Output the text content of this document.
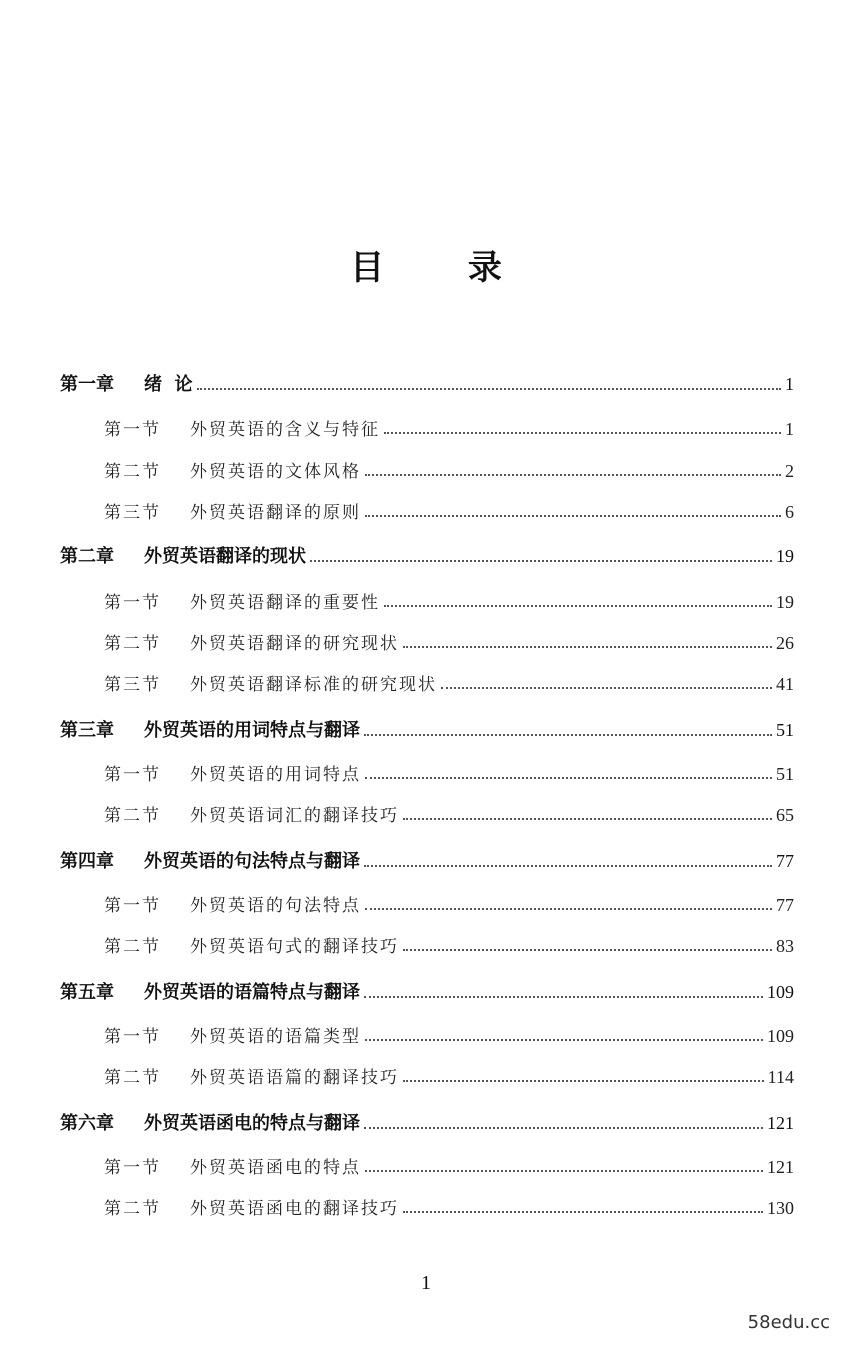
目 录
第一章	绪  论	1
第一节	外贸英语的含义与特征	1
第二节	外贸英语的文体风格	2
第三节	外贸英语翻译的原则	6
第二章	外贸英语翻译的现状	19
第一节	外贸英语翻译的重要性	19
第二节	外贸英语翻译的研究现状	26
第三节	外贸英语翻译标准的研究现状	41
第三章	外贸英语的用词特点与翻译	51
第一节	外贸英语的用词特点	51
第二节	外贸英语词汇的翻译技巧	65
第四章	外贸英语的句法特点与翻译	77
第一节	外贸英语的句法特点	77
第二节	外贸英语句式的翻译技巧	83
第五章	外贸英语的语篇特点与翻译	109
第一节	外贸英语的语篇类型	109
第二节	外贸英语语篇的翻译技巧	114
第六章	外贸英语函电的特点与翻译	121
第一节	外贸英语函电的特点	121
第二节	外贸英语函电的翻译技巧	130
1
58edu.cc
